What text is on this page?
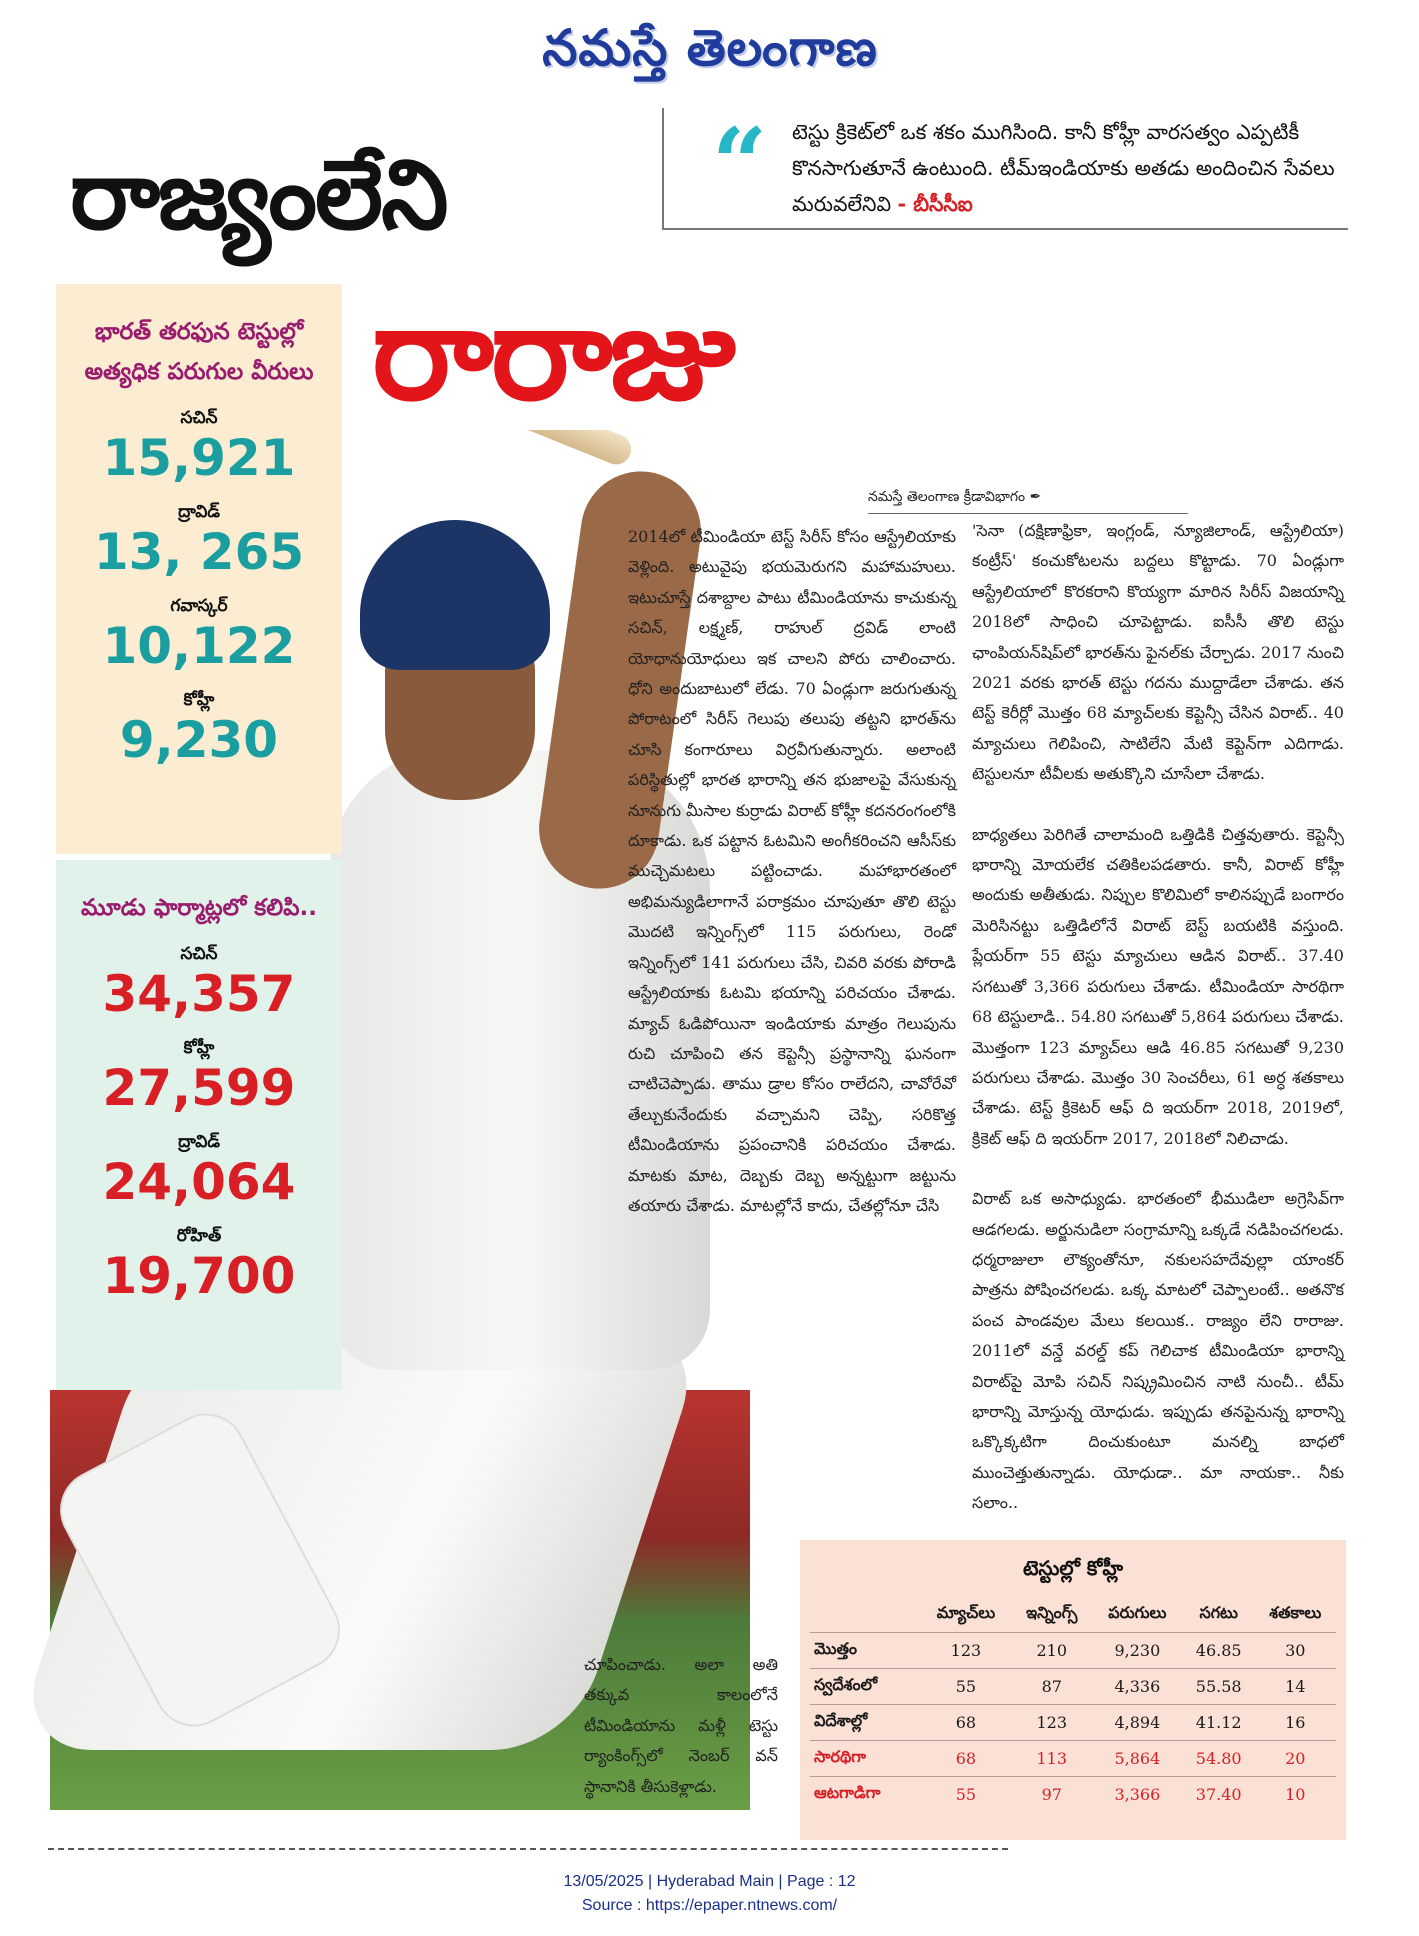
నమస్తే తెలంగాణ
రాజ్యంలేని	“ టెస్టు క్రికెట్‌లో ఒక శకం ముగిసింది. కానీ కోహ్లీ వారసత్వం ఎప్పటికీ కొనసాగుతూనే ఉంటుంది. టీమ్‌ఇండియాకు అతడు అందించిన సేవలు మరువలేనివి - బీసీసీఐ
రారాజు
భారత్ తరఫున టెస్టుల్లో అత్యధిక పరుగుల వీరులు
సచిన్
15,921
ద్రావిడ్
13, 265
గవాస్కర్
10,122
కోహ్లీ
9,230
మూడు ఫార్మాట్లలో కలిపి..
సచిన్
34,357
కోహ్లీ
27,599
ద్రావిడ్
24,064
రోహిత్
19,700
నమస్తే తెలంగాణ క్రీడావిభాగం ✒

2014లో టీమిండియా టెస్ట్ సిరీస్ కోసం ఆస్ట్రేలియాకు వెళ్లింది. అటువైపు భయమెరుగని మహామహులు. ఇటుచూస్తే దశాబ్దాల పాటు టీమిండియాను కాచుకున్న సచిన్, లక్ష్మణ్, రాహుల్ ద్రవిడ్ లాంటి యోధానుయోధులు ఇక చాలని పోరు చాలించారు. ధోని అందుబాటులో లేడు. 70 ఏండ్లుగా జరుగుతున్న పోరాటంలో సిరీస్ గెలుపు తలుపు తట్టని భారత్‌ను చూసి కంగారూలు విర్రవీగుతున్నారు. అలాంటి పరిస్థితుల్లో భారత భారాన్ని తన భుజాలపై వేసుకున్న నూనుగు మీసాల కుర్రాడు విరాట్ కోహ్లీ కదనరంగంలోకి దూకాడు. ఒక పట్టాన ఓటమిని అంగీకరించని ఆసీస్‌కు ముచ్చెమటలు పట్టించాడు. మహాభారతంలో అభిమన్యుడిలాగానే పరాక్రమం చూపుతూ తొలి టెస్టు మొదటి ఇన్నింగ్స్‌లో 115 పరుగులు, రెండో ఇన్నింగ్స్‌లో 141 పరుగులు చేసి, చివరి వరకు పోరాడి ఆస్ట్రేలియాకు ఓటమి భయాన్ని పరిచయం చేశాడు. మ్యాచ్ ఓడిపోయినా ఇండియాకు మాత్రం గెలుపును రుచి చూపించి తన కెప్టెన్సీ ప్రస్థానాన్ని ఘనంగా చాటిచెప్పాడు. తాము డ్రాల కోసం రాలేదని, చావోరేవో తేల్చుకునేందుకు వచ్చామని చెప్పి, సరికొత్త టీమిండియాను ప్రపంచానికి పరిచయం చేశాడు. మాటకు మాట, దెబ్బకు దెబ్బ అన్నట్టుగా జట్టును తయారు చేశాడు. మాటల్లోనే కాదు, చేతల్లోనూ చేసి

చూపించాడు. అలా అతి తక్కువ కాలంలోనే టీమిండియాను మళ్లీ టెస్టు ర్యాంకింగ్స్‌లో నెంబర్ వన్ స్థానానికి తీసుకెళ్లాడు.

'సెనా (దక్షిణాఫ్రికా, ఇంగ్లండ్, న్యూజిలాండ్, ఆస్ట్రేలియా) కంట్రీస్' కంచుకోటలను బద్దలు కొట్టాడు. 70 ఏండ్లుగా ఆస్ట్రేలియాలో కొరకరాని కొయ్యగా మారిన సిరీస్ విజయాన్ని 2018లో సాధించి చూపెట్టాడు. ఐసీసీ తొలి టెస్టు ఛాంపియన్‌షిప్‌లో భారత్‌ను ఫైనల్‌కు చేర్చాడు. 2017 నుంచి 2021 వరకు భారత్ టెస్టు గదను ముద్దాడేలా చేశాడు. తన టెస్ట్ కెరీర్లో మొత్తం 68 మ్యాచ్‌లకు కెప్టెన్సీ చేసిన విరాట్.. 40 మ్యాచులు గెలిపించి, సాటిలేని మేటి కెప్టెన్‌గా ఎదిగాడు. టెస్టులనూ టీవీలకు అతుక్కొని చూసేలా చేశాడు.

బాధ్యతలు పెరిగితే చాలామంది ఒత్తిడికి చిత్తవుతారు. కెప్టెన్సీ భారాన్ని మోయలేక చతికిలపడతారు. కానీ, విరాట్ కోహ్లీ అందుకు అతీతుడు. నిప్పుల కొలిమిలో కాలినప్పుడే బంగారం మెరిసినట్టు ఒత్తిడిలోనే విరాట్ బెస్ట్ బయటికి వస్తుంది. ప్లేయర్‌గా 55 టెస్టు మ్యాచులు ఆడిన విరాట్.. 37.40 సగటుతో 3,366 పరుగులు చేశాడు. టీమిండియా సారథిగా 68 టెస్టులాడి.. 54.80 సగటుతో 5,864 పరుగులు చేశాడు. మొత్తంగా 123 మ్యాచ్‌లు ఆడి 46.85 సగటుతో 9,230 పరుగులు చేశాడు. మొత్తం 30 సెంచరీలు, 61 అర్ధ శతకాలు చేశాడు. టెస్ట్ క్రికెటర్ ఆఫ్ ది ఇయర్‌గా 2018, 2019లో, క్రికెట్ ఆఫ్ ది ఇయర్‌గా 2017, 2018లో నిలిచాడు.

విరాట్ ఒక అసాధ్యుడు. భారతంలో భీముడిలా అగ్రెసివ్‌గా ఆడగలడు. అర్జునుడిలా సంగ్రామాన్ని ఒక్కడే నడిపించగలడు. ధర్మరాజులా లౌక్యంతోనూ, నకులసహదేవుల్లా యాంకర్ పాత్రను పోషించగలడు. ఒక్క మాటలో చెప్పాలంటే.. అతనొక పంచ పాండవుల మేలు కలయిక.. రాజ్యం లేని రారాజు. 2011లో వన్డే వరల్డ్ కప్ గెలిచాక టీమిండియా భారాన్ని విరాట్‌పై మోపి సచిన్ నిష్క్రమించిన నాటి నుంచీ.. టీమ్ భారాన్ని మోస్తున్న యోధుడు. ఇప్పుడు తనపైనున్న భారాన్ని ఒక్కొక్కటిగా దించుకుంటూ మనల్ని బాధలో ముంచెత్తుతున్నాడు. యోధుడా.. మా నాయకా.. నీకు సలాం..

టెస్టుల్లో కోహ్లీ
	మ్యాచ్‌లు	ఇన్నింగ్స్	పరుగులు	సగటు	శతకాలు
మొత్తం	123	210	9,230	46.85	30
స్వదేశంలో	55	87	4,336	55.58	14
విదేశాల్లో	68	123	4,894	41.12	16
సారథిగా	68	113	5,864	54.80	20
ఆటగాడిగా	55	97	3,366	37.40	10
13/05/2025 | Hyderabad Main | Page : 12
Source : https://epaper.ntnews.com/
